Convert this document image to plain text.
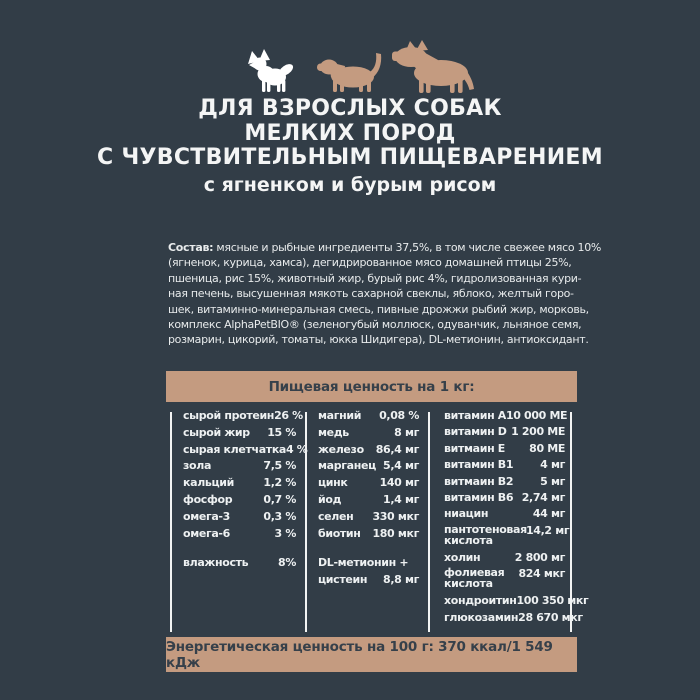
ДЛЯ ВЗРОСЛЫХ СОБАК
МЕЛКИХ ПОРОД
С ЧУВСТВИТЕЛЬНЫМ ПИЩЕВАРЕНИЕМ
с ягненком и бурым рисом
Состав: мясные и рыбные ингредиенты 37,5%, в том числе свежее мясо 10%
(ягненок, курица, хамса), дегидрированное мясо домашней птицы 25%,
пшеница, рис 15%, животный жир, бурый рис 4%, гидролизованная кури-
ная печень, высушенная мякоть сахарной свеклы, яблоко, желтый горо-
шек, витаминно-минеральная смесь, пивные дрожжи рыбий жир, морковь,
комплекс AlphaPetBIO® (зеленогубый моллюск, одуванчик, льняное семя,
розмарин, цикорий, томаты, юкка Шидигера), DL-метионин, антиоксидант.
Пищевая ценность на 1 кг:
сырой протеин 26 %
сырой жир 15 %
сырая клетчатка 4 %
зола	7,5 %
кальций	1,2 %
фосфор	0,7 %
омега-3	0,3 %
омега-6	3 %
влажность	8%
магний 0,08 %
медь	8 мг
железо 86,4 мг
марганец 5,4 мг
цинк	140 мг
йод	1,4 мг
селен 330 мкг
биотин 180 мкг
DL-метионин +
цистеин 8,8 мг
витамин A 10 000 МЕ
витамин D 1 200 МЕ
витмаин E 80 МЕ
витамин B1 4 мг
витмаин B2 5 мг
витамин B6 2,74 мг
ниацин	44 мг
пантотеновая кислота
14,2 мг
холин	2 800 мг
фолиевая кислота
824 мкг
хондроитин 100 350 мкг
глюкозамин 28 670 мкг
Энергетическая ценность на 100 г: 370 ккал/1 549 кДж
